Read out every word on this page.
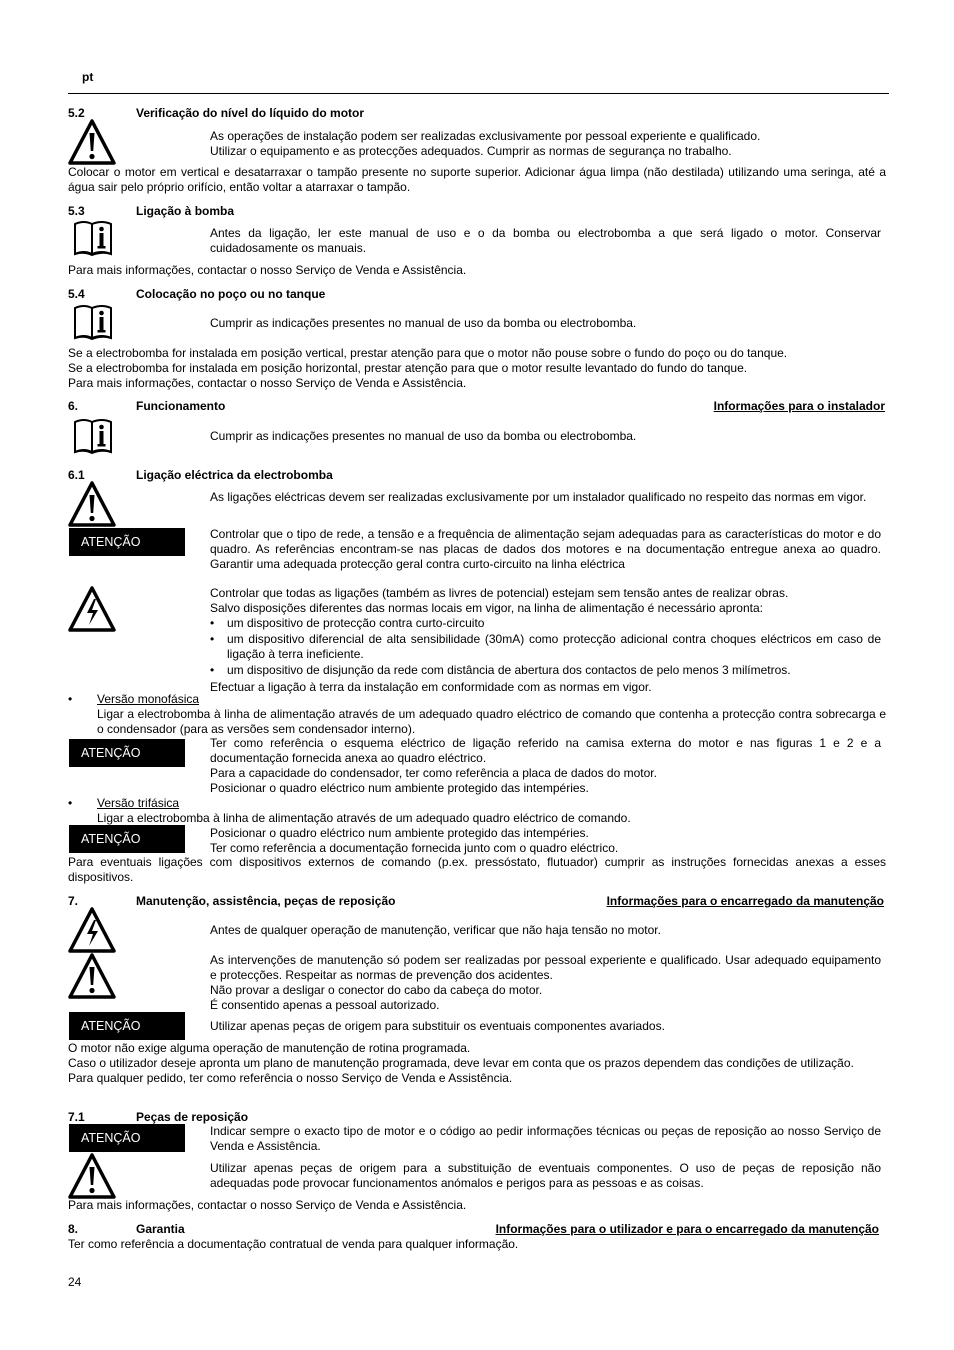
pt
5.2	Verificação do nível do líquido do motor

As operações de instalação podem ser realizadas exclusivamente por pessoal experiente e qualificado.

Utilizar o equipamento e as protecções adequados. Cumprir as normas de segurança no trabalho.

Colocar o motor em vertical e desatarraxar o tampão presente no suporte superior. Adicionar água limpa (não destilada) utilizando uma seringa, até a água sair pelo próprio orifício, então voltar a atarraxar o tampão.
5.3	Ligação à bomba
Antes da ligação, ler este manual de uso e o da bomba ou electrobomba a que será ligado o motor. Conservar cuidadosamente os manuais.
Para mais informações, contactar o nosso Serviço de Venda e Assistência.
5.4	Colocação no poço ou no tanque
Cumprir as indicações presentes no manual de uso da bomba ou electrobomba.

Se a electrobomba for instalada em posição vertical, prestar atenção para que o motor não pouse sobre o fundo do poço ou do tanque.

Se a electrobomba for instalada em posição horizontal, prestar atenção para que o motor resulte levantado do fundo do tanque.

Para mais informações, contactar o nosso Serviço de Venda e Assistência.

6.	Funcionamento	Informações para o instalador
Cumprir as indicações presentes no manual de uso da bomba ou electrobomba.
6.1	Ligação eléctrica da electrobomba
As ligações eléctricas devem ser realizadas exclusivamente por um instalador qualificado no respeito das normas em vigor.
ATENÇÃO
Controlar que o tipo de rede, a tensão e a frequência de alimentação sejam adequadas para as características do motor e do quadro. As referências encontram-se nas placas de dados dos motores e na documentação entregue anexa ao quadro. Garantir uma adequada protecção geral contra curto-circuito na linha eléctrica

Controlar que todas as ligações (também as livres de potencial) estejam sem tensão antes de realizar obras.

Salvo disposições diferentes das normas locais em vigor, na linha de alimentação é necessário apronta:

• um dispositivo de protecção contra curto-circuito
• um dispositivo diferencial de alta sensibilidade (30mA) como protecção adicional contra choques eléctricos em caso de ligação à terra ineficiente.
• um dispositivo de disjunção da rede com distância de abertura dos contactos de pelo menos 3 milímetros.

Efectuar a ligação à terra da instalação em conformidade com as normas em vigor.

• Versão monofásica

Ligar a electrobomba à linha de alimentação através de um adequado quadro eléctrico de comando que contenha a protecção contra sobrecarga e o condensador (para as versões sem condensador interno).

ATENÇÃO

Ter como referência o esquema eléctrico de ligação referido na camisa externa do motor e nas figuras 1 e 2 e a documentação fornecida anexa ao quadro eléctrico.

Para a capacidade do condensador, ter como referência a placa de dados do motor.

Posicionar o quadro eléctrico num ambiente protegido das intempéries.

• Versão trifásica

Ligar a electrobomba à linha de alimentação através de um adequado quadro eléctrico de comando.
ATENÇÃO	Posicionar o quadro eléctrico num ambiente protegido das intempéries.

Ter como referência a documentação fornecida junto com o quadro eléctrico.

Para eventuais ligações com dispositivos externos de comando (p.ex. pressóstato, flutuador) cumprir as instruções fornecidas anexas a esses dispositivos.
7.	Manutenção, assistência, peças de reposição	Informações para o encarregado da manutenção
Antes de qualquer operação de manutenção, verificar que não haja tensão no motor.

As intervenções de manutenção só podem ser realizadas por pessoal experiente e qualificado. Usar adequado equipamento e protecções. Respeitar as normas de prevenção dos acidentes.

Não provar a desligar o conector do cabo da cabeça do motor.

É consentido apenas a pessoal autorizado.

ATENÇÃO	Utilizar apenas peças de origem para substituir os eventuais componentes avariados.

O motor não exige alguma operação de manutenção de rotina programada.

Caso o utilizador deseje apronta um plano de manutenção programada, deve levar em conta que os prazos dependem das condições de utilização.

Para qualquer pedido, ter como referência o nosso Serviço de Venda e Assistência.

7.1	Peças de reposição
ATENÇÃO	Indicar sempre o exacto tipo de motor e o código ao pedir informações técnicas ou peças de reposição ao nosso Serviço de Venda e Assistência.
Utilizar apenas peças de origem para a substituição de eventuais componentes. O uso de peças de reposição não adequadas pode provocar funcionamentos anómalos e perigos para as pessoas e as coisas.
Para mais informações, contactar o nosso Serviço de Venda e Assistência.
8.	Garantia	Informações para o utilizador e para o encarregado da manutenção
Ter como referência a documentação contratual de venda para qualquer informação.
24
